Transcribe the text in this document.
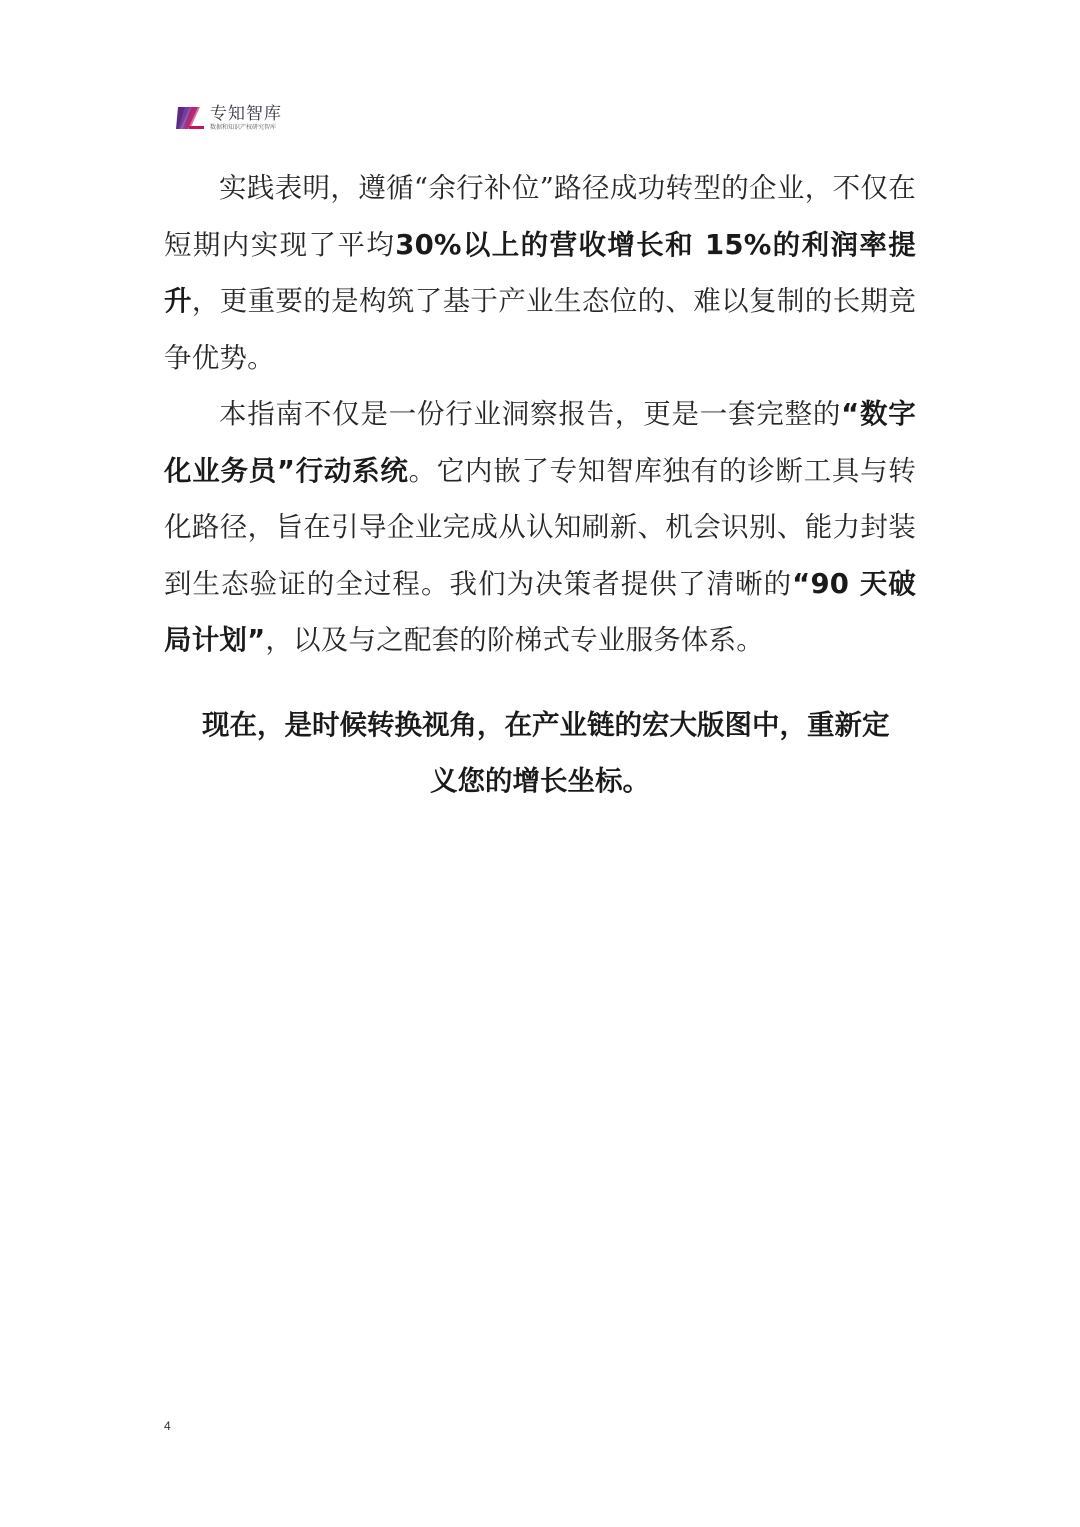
专知智库
数据和知识产权研究智库

实践表明，遵循“余行补位”路径成功转型的企业，不仅在短期内实现了平均30%以上的营收增长和 15%的利润率提升，更重要的是构筑了基于产业生态位的、难以复制的长期竞争优势。

本指南不仅是一份行业洞察报告，更是一套完整的“数字化业务员”行动系统。它内嵌了专知智库独有的诊断工具与转化路径，旨在引导企业完成从认知刷新、机会识别、能力封装到生态验证的全过程。我们为决策者提供了清晰的“90 天破局计划”，以及与之配套的阶梯式专业服务体系。

现在，是时候转换视角，在产业链的宏大版图中，重新定
义您的增长坐标。

4
